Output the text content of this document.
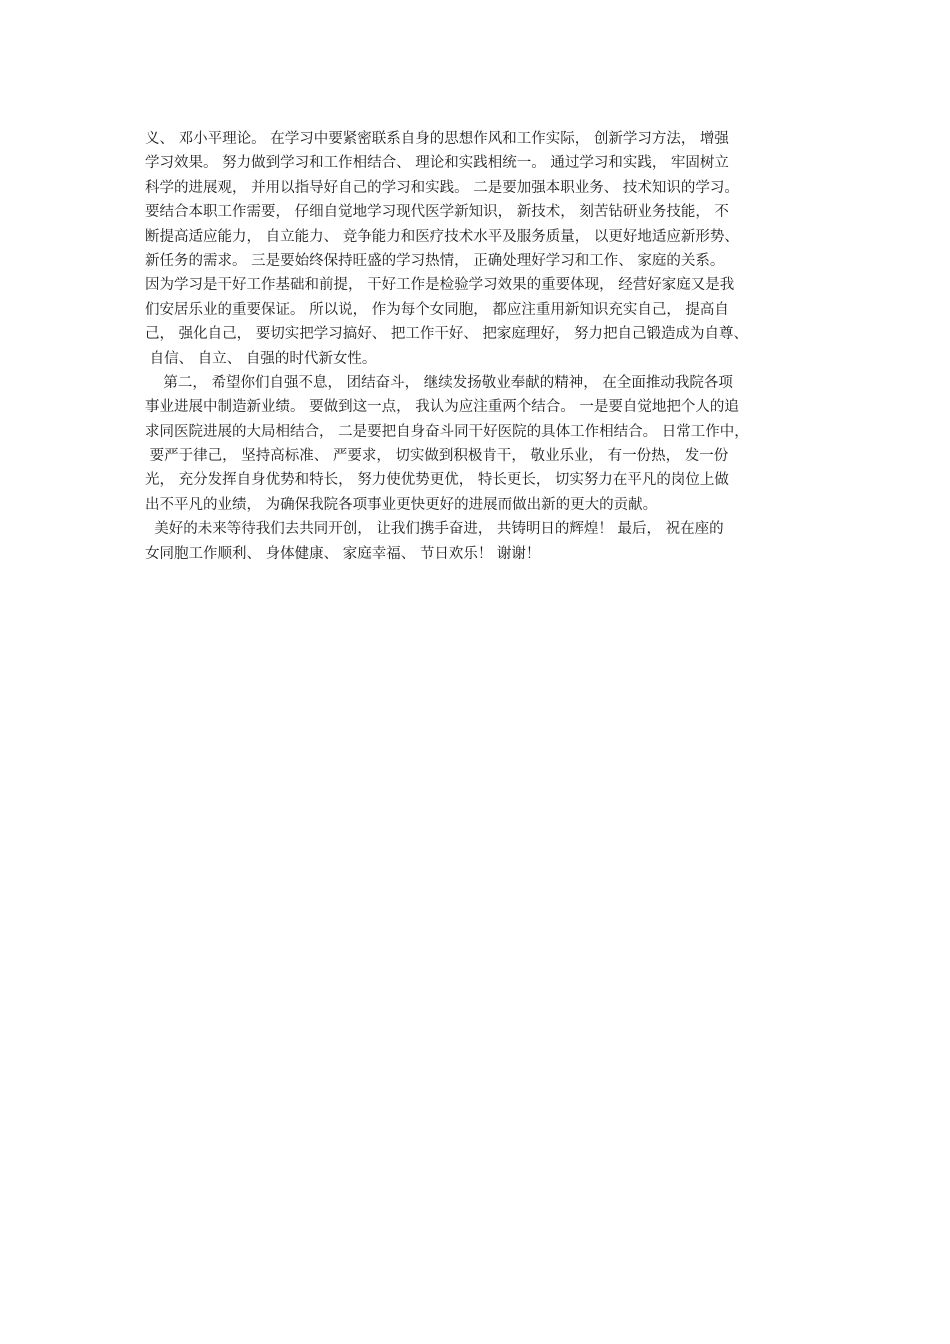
义、 邓小平理论。 在学习中要紧密联系自身的思想作风和工作实际， 创新学习方法， 增强
学习效果。 努力做到学习和工作相结合、 理论和实践相统一。 通过学习和实践， 牢固树立
科学的进展观， 并用以指导好自己的学习和实践。 二是要加强本职业务、 技术知识的学习。
要结合本职工作需要， 仔细自觉地学习现代医学新知识， 新技术， 刻苦钻研业务技能， 不
断提高适应能力， 自立能力、 竞争能力和医疗技术水平及服务质量， 以更好地适应新形势、
新任务的需求。 三是要始终保持旺盛的学习热情， 正确处理好学习和工作、 家庭的关系。
因为学习是干好工作基础和前提， 干好工作是检验学习效果的重要体现， 经营好家庭又是我
们安居乐业的重要保证。 所以说， 作为每个女同胞， 都应注重用新知识充实自己， 提高自
己， 强化自己， 要切实把学习搞好、 把工作干好、 把家庭理好， 努力把自己锻造成为自尊、
自信、 自立、 自强的时代新女性。
第二， 希望你们自强不息， 团结奋斗， 继续发扬敬业奉献的精神， 在全面推动我院各项
事业进展中制造新业绩。 要做到这一点， 我认为应注重两个结合。 一是要自觉地把个人的追
求同医院进展的大局相结合， 二是要把自身奋斗同干好医院的具体工作相结合。 日常工作中，
要严于律己， 坚持高标准、 严要求， 切实做到积极肯干， 敬业乐业， 有一份热， 发一份
光， 充分发挥自身优势和特长， 努力使优势更优， 特长更长， 切实努力在平凡的岗位上做
出不平凡的业绩， 为确保我院各项事业更快更好的进展而做出新的更大的贡献。
美好的未来等待我们去共同开创， 让我们携手奋进， 共铸明日的辉煌！ 最后， 祝在座的
女同胞工作顺利、 身体健康、 家庭幸福、 节日欢乐！ 谢谢！
